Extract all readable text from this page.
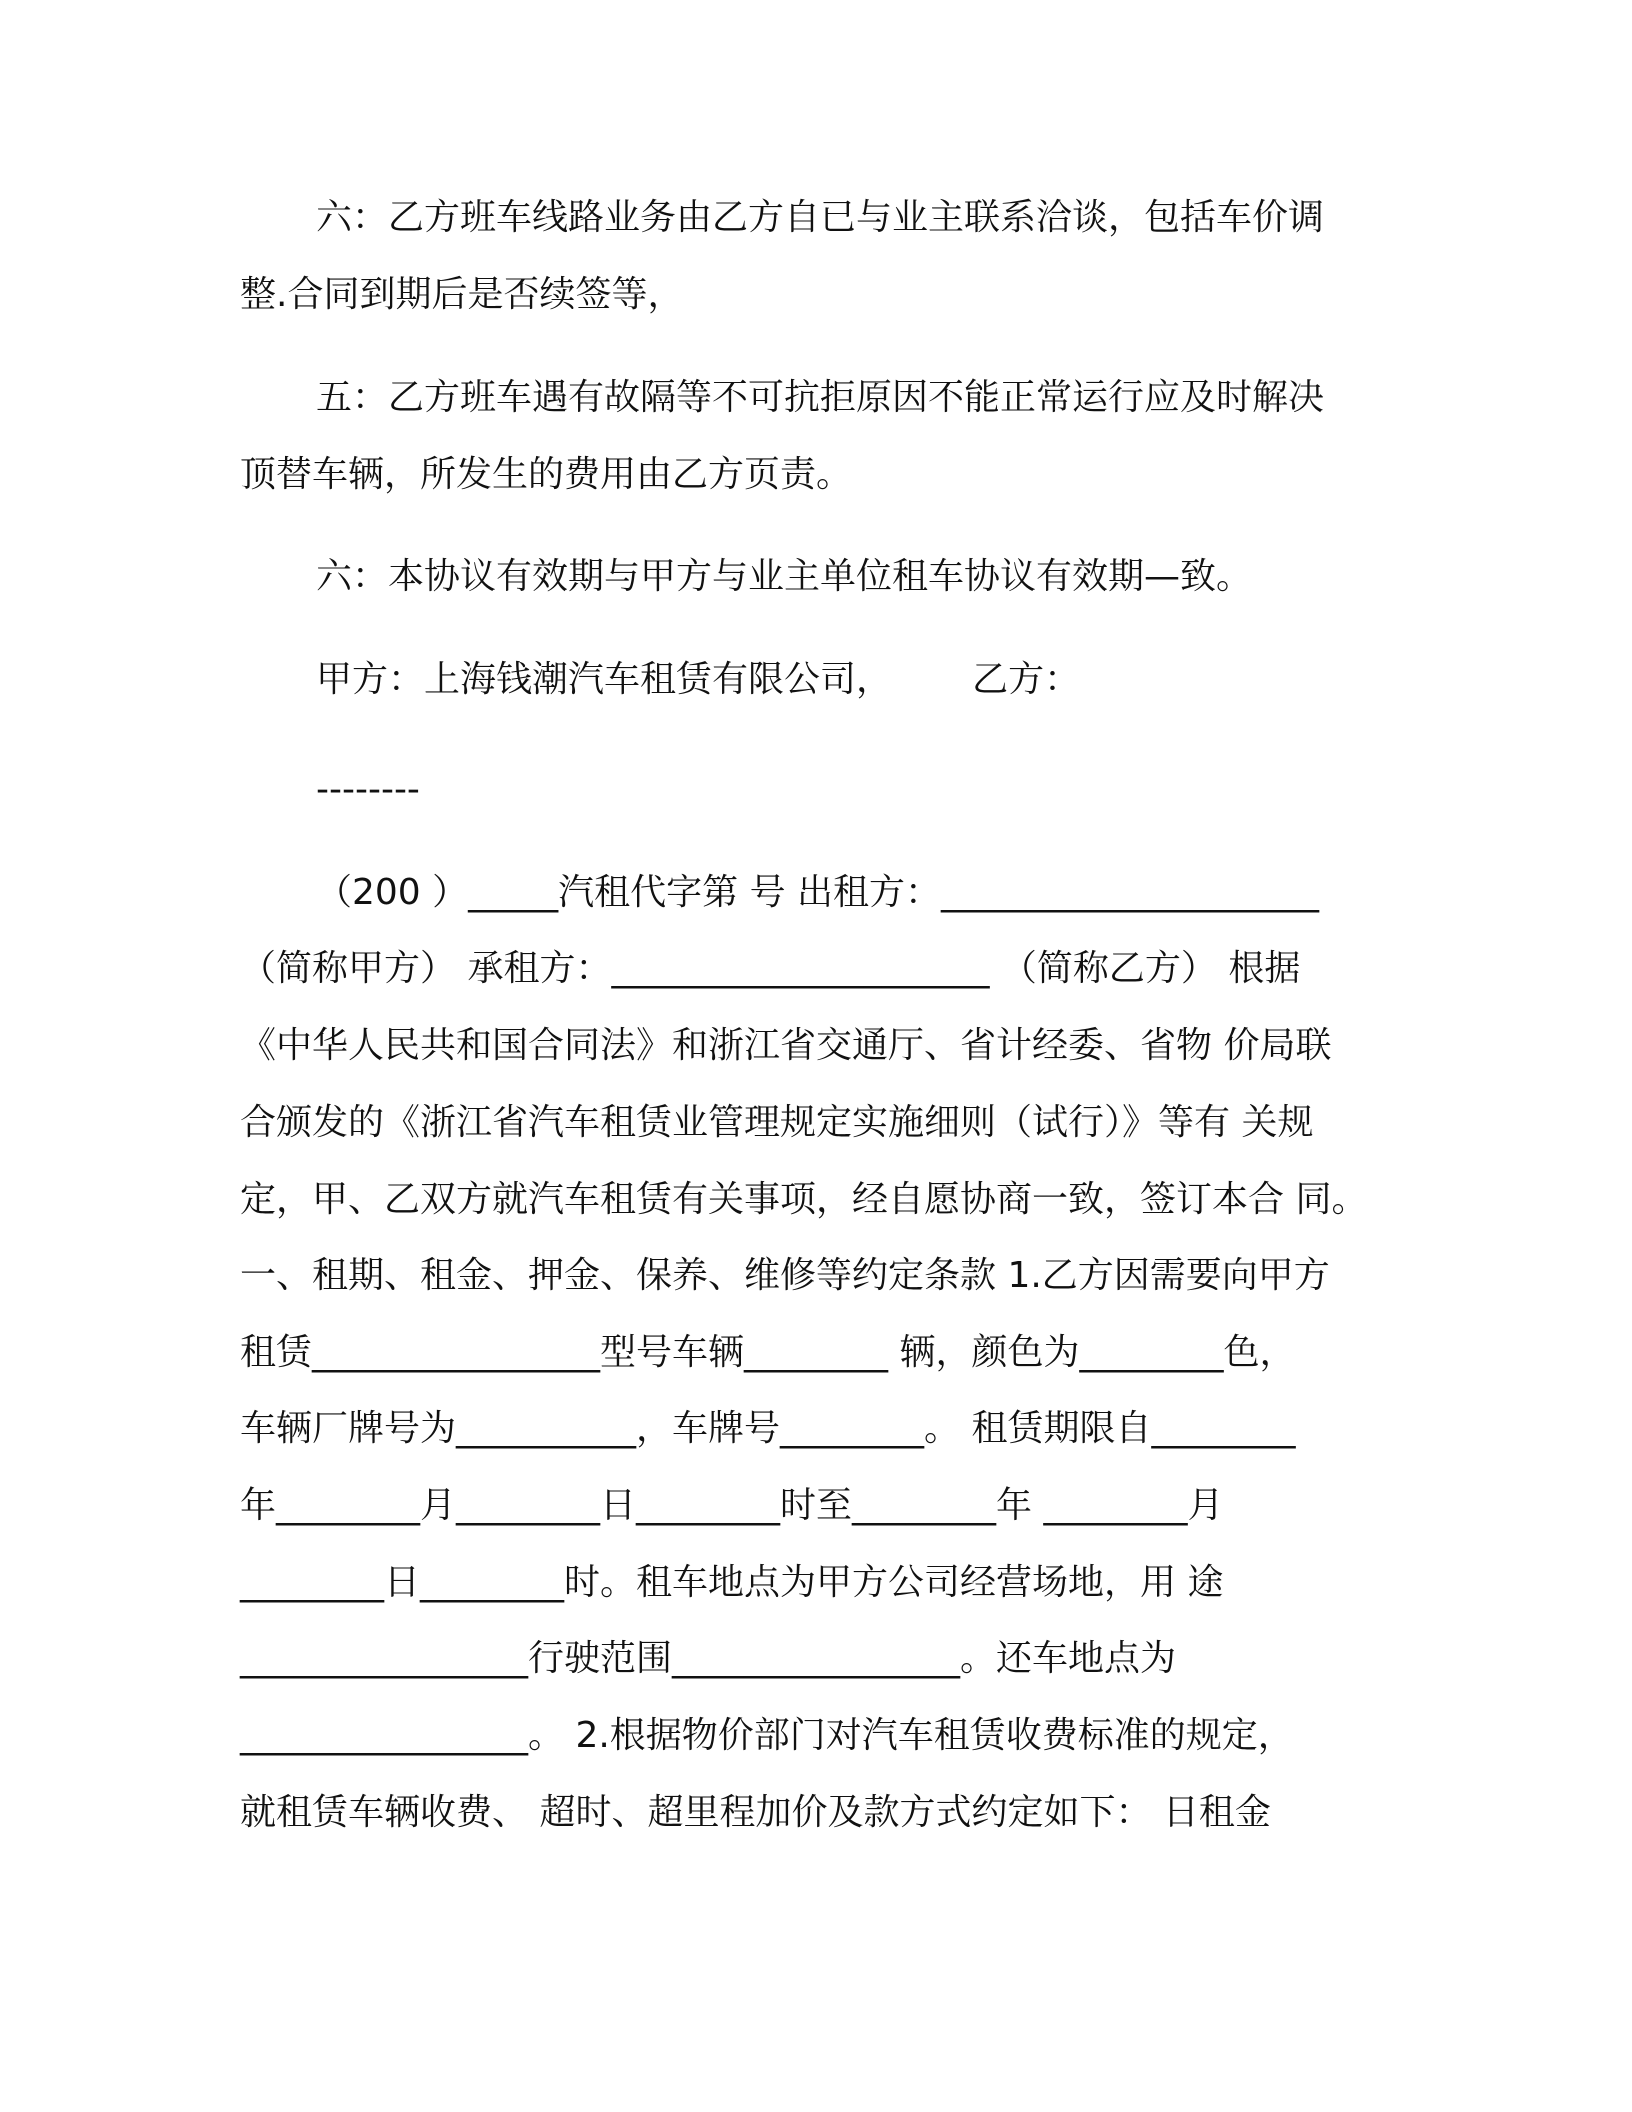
六：乙方班车线路业务由乙方自已与业主联系洽谈，包括车价调
整.合同到期后是否续签等，
五：乙方班车遇有故隔等不可抗拒原因不能正常运行应及时解决
顶替车辆，所发生的费用由乙方页责。
六：本协议有效期与甲方与业主单位租车协议有效期—致。
甲方：上海钱潮汽车租赁有限公司，       乙方：
--------
（200 ）_____汽租代字第 号 出租方：_____________________
（简称甲方） 承租方：_____________________ （简称乙方） 根据
《中华人民共和国合同法》和浙江省交通厅、省计经委、省物 价局联
合颁发的《浙江省汽车租赁业管理规定实施细则（试行）》等有 关规
定，甲、乙双方就汽车租赁有关事项，经自愿协商一致，签订本合 同。
一、租期、租金、押金、保养、维修等约定条款 1.乙方因需要向甲方
租赁________________型号车辆________ 辆，颜色为________色，
车辆厂牌号为__________，车牌号________。 租赁期限自________
年________月________日________时至________年 ________月
________日________时。租车地点为甲方公司经营场地，用 途
________________行驶范围________________。还车地点为
________________。 2.根据物价部门对汽车租赁收费标准的规定，
就租赁车辆收费、 超时、超里程加价及款方式约定如下： 日租金
